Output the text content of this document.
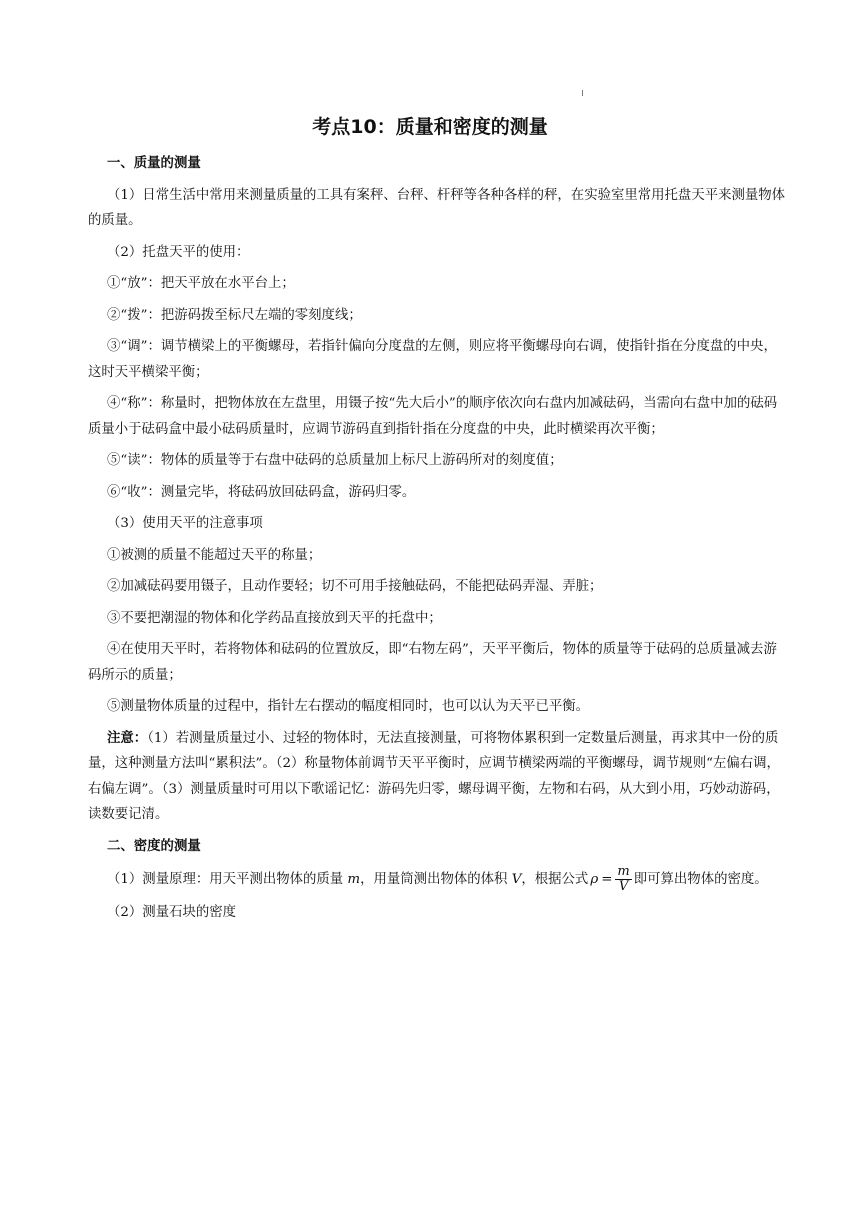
考点10：质量和密度的测量

一、质量的测量

（1）日常生活中常用来测量质量的工具有案秤、台秤、杆秤等各种各样的秤，在实验室里常用托盘天平来测量物体的质量。

（2）托盘天平的使用：

①“放”：把天平放在水平台上；

②“拨”：把游码拨至标尺左端的零刻度线；

③“调”：调节横梁上的平衡螺母，若指针偏向分度盘的左侧，则应将平衡螺母向右调，使指针指在分度盘的中央，这时天平横梁平衡；

④“称”：称量时，把物体放在左盘里，用镊子按“先大后小”的顺序依次向右盘内加减砝码，当需向右盘中加的砝码质量小于砝码盒中最小砝码质量时，应调节游码直到指针指在分度盘的中央，此时横梁再次平衡；

⑤“读”：物体的质量等于右盘中砝码的总质量加上标尺上游码所对的刻度值；

⑥“收”：测量完毕，将砝码放回砝码盒，游码归零。

（3）使用天平的注意事项

①被测的质量不能超过天平的称量；

②加减砝码要用镊子，且动作要轻；切不可用手接触砝码，不能把砝码弄湿、弄脏；

③不要把潮湿的物体和化学药品直接放到天平的托盘中；

④在使用天平时，若将物体和砝码的位置放反，即“右物左码”，天平平衡后，物体的质量等于砝码的总质量减去游码所示的质量；

⑤测量物体质量的过程中，指针左右摆动的幅度相同时，也可以认为天平已平衡。

注意：（1）若测量质量过小、过轻的物体时，无法直接测量，可将物体累积到一定数量后测量，再求其中一份的质量，这种测量方法叫“累积法”。（2）称量物体前调节天平平衡时，应调节横梁两端的平衡螺母，调节规则“左偏右调，右偏左调”。（3）测量质量时可用以下歌谣记忆：游码先归零，螺母调平衡，左物和右码，从大到小用，巧妙动游码，读数要记清。

二、密度的测量

（1）测量原理：用天平测出物体的质量 m，用量筒测出物体的体积 V，根据公式 $\rho = \frac{m}{V}$ 即可算出物体的密度。

（2）测量石块的密度
